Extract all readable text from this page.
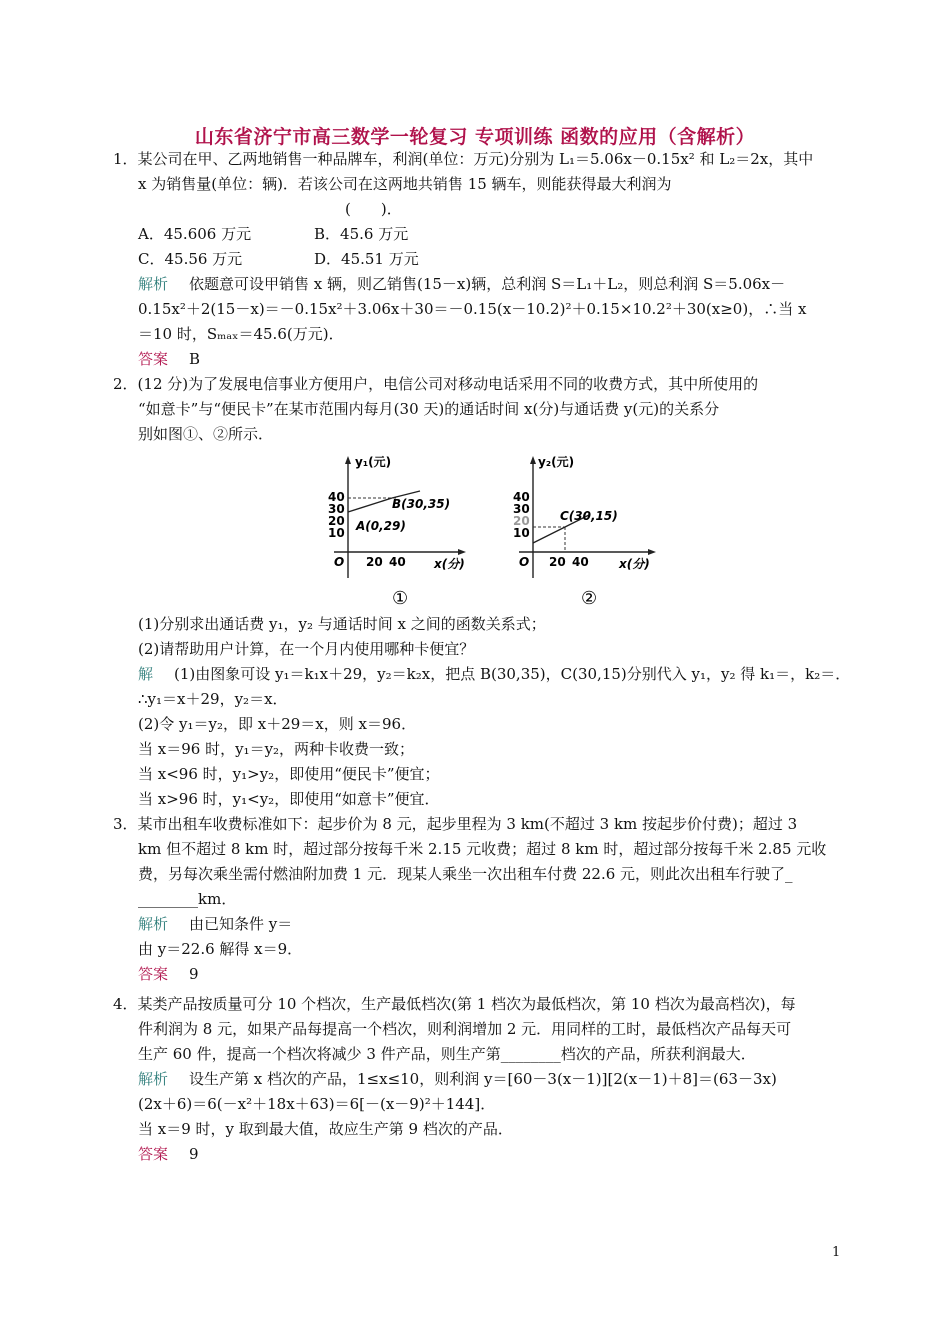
山东省济宁市高三数学一轮复习 专项训练 函数的应用（含解析）
1．某公司在甲、乙两地销售一种品牌车，利润(单位：万元)分别为 L₁＝5.06x－0.15x² 和 L₂＝2x，其中
x 为销售量(单位：辆)．若该公司在这两地共销售 15 辆车，则能获得最大利润为
(　　)．
A．45.606 万元	B．45.6 万元
C．45.56 万元	D．45.51 万元
解析 依题意可设甲销售 x 辆，则乙销售(15－x)辆，总利润 S＝L₁＋L₂，则总利润 S＝5.06x－
0.15x²＋2(15－x)＝－0.15x²＋3.06x＋30＝－0.15(x－10.2)²＋0.15×10.2²＋30(x≥0)，∴当 x
＝10 时，Sₘₐₓ＝45.6(万元)．
答案 B
2．(12 分)为了发展电信事业方便用户，电信公司对移动电话采用不同的收费方式，其中所使用的
“如意卡”与“便民卡”在某市范围内每月(30 天)的通话时间 x(分)与通话费 y(元)的关系分
别如图①、②所示．
y₁(元)
40
30
20
10
O 20 40 x(分)
B(30,35)
A(0,29)
①
y₂(元)
40
30
20
10
O 20 40	x(分)
C(30,15)
②
(1)分别求出通话费 y₁，y₂ 与通话时间 x 之间的函数关系式；
(2)请帮助用户计算，在一个月内使用哪种卡便宜？
解 (1)由图象可设 y₁＝k₁x＋29，y₂＝k₂x，把点 B(30,35)，C(30,15)分别代入 y₁，y₂ 得 k₁＝，k₂＝．
∴y₁＝x＋29，y₂＝x．
(2)令 y₁＝y₂，即 x＋29＝x，则 x＝96．
当 x＝96 时，y₁＝y₂，两种卡收费一致；
当 x<96 时，y₁>y₂，即使用“便民卡”便宜；
当 x>96 时，y₁<y₂，即使用“如意卡”便宜．
3．某市出租车收费标准如下：起步价为 8 元，起步里程为 3 km(不超过 3 km 按起步价付费)；超过 3
km 但不超过 8 km 时，超过部分按每千米 2.15 元收费；超过 8 km 时，超过部分按每千米 2.85 元收
费，另每次乘坐需付燃油附加费 1 元．现某人乘坐一次出租车付费 22.6 元，则此次出租车行驶了_
________km．
解析 由已知条件 y＝
由 y＝22.6 解得 x＝9．
答案 9
4．某类产品按质量可分 10 个档次，生产最低档次(第 1 档次为最低档次，第 10 档次为最高档次)，每
件利润为 8 元，如果产品每提高一个档次，则利润增加 2 元．用同样的工时，最低档次产品每天可
生产 60 件，提高一个档次将减少 3 件产品，则生产第________档次的产品，所获利润最大．
解析 设生产第 x 档次的产品，1≤x≤10，则利润 y＝[60－3(x－1)][2(x－1)＋8]＝(63－3x)
(2x＋6)＝6(－x²＋18x＋63)＝6[－(x－9)²＋144]．
当 x＝9 时，y 取到最大值，故应生产第 9 档次的产品．
答案 9
1
